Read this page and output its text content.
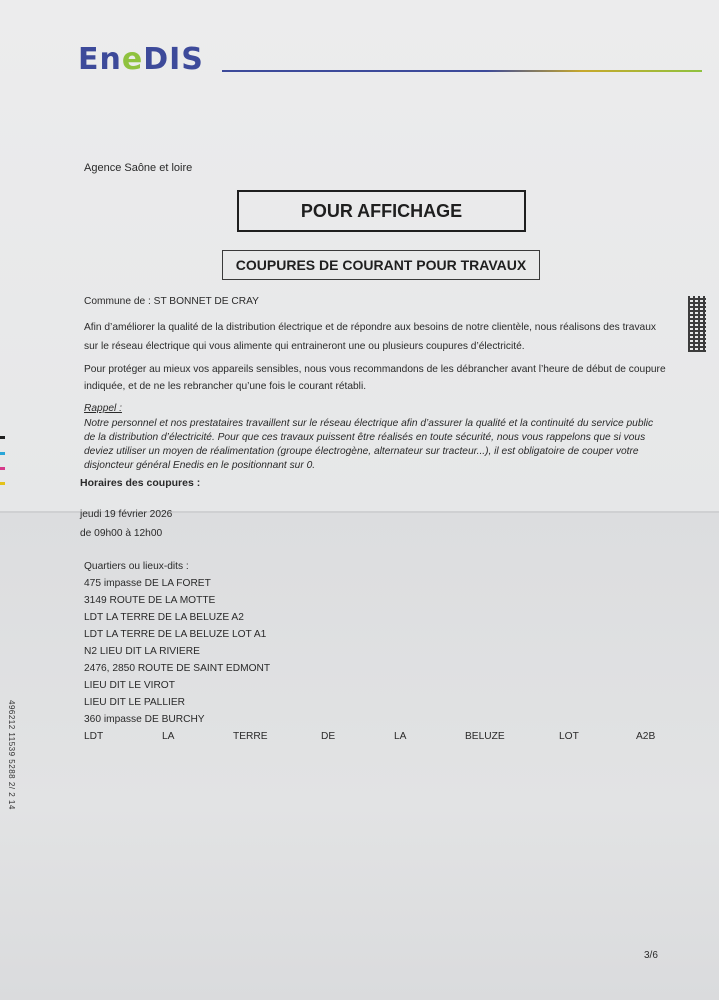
EneDIS
Agence Saône et loire
POUR AFFICHAGE
COUPURES DE COURANT POUR TRAVAUX
Commune de : ST BONNET DE CRAY
Afin d’améliorer la qualité de la distribution électrique et de répondre aux besoins de notre clientèle, nous réalisons des travaux
sur le réseau électrique qui vous alimente qui entraineront une ou plusieurs coupures d’électricité.
Pour protéger au mieux vos appareils sensibles, nous vous recommandons de les débrancher avant l’heure de début de coupure
indiquée, et de ne les rebrancher qu’une fois le courant rétabli.
Rappel :
Notre personnel et nos prestataires travaillent sur le réseau électrique afin d’assurer la qualité et la continuité du service public
de la distribution d’électricité. Pour que ces travaux puissent être réalisés en toute sécurité, nous vous rappelons que si vous
deviez utiliser un moyen de réalimentation (groupe électrogène, alternateur sur tracteur...), il est obligatoire de couper votre
disjoncteur général Enedis en le positionnant sur 0.
Horaires des coupures :
jeudi 19 février 2026
de 09h00 à 12h00
Quartiers ou lieux-dits :
475 impasse DE LA FORET
3149 ROUTE DE LA MOTTE
LDT LA TERRE DE LA BELUZE A2
LDT LA TERRE DE LA BELUZE LOT A1
N2 LIEU DIT LA RIVIERE
2476, 2850 ROUTE DE SAINT EDMONT
LIEU DIT LE VIROT
LIEU DIT LE PALLIER
360 impasse DE BURCHY
LDT	LA	TERRE	DE	LA	BELUZE	LOT	A2B
496212 11539 5288 2/ 2 14
3/6
